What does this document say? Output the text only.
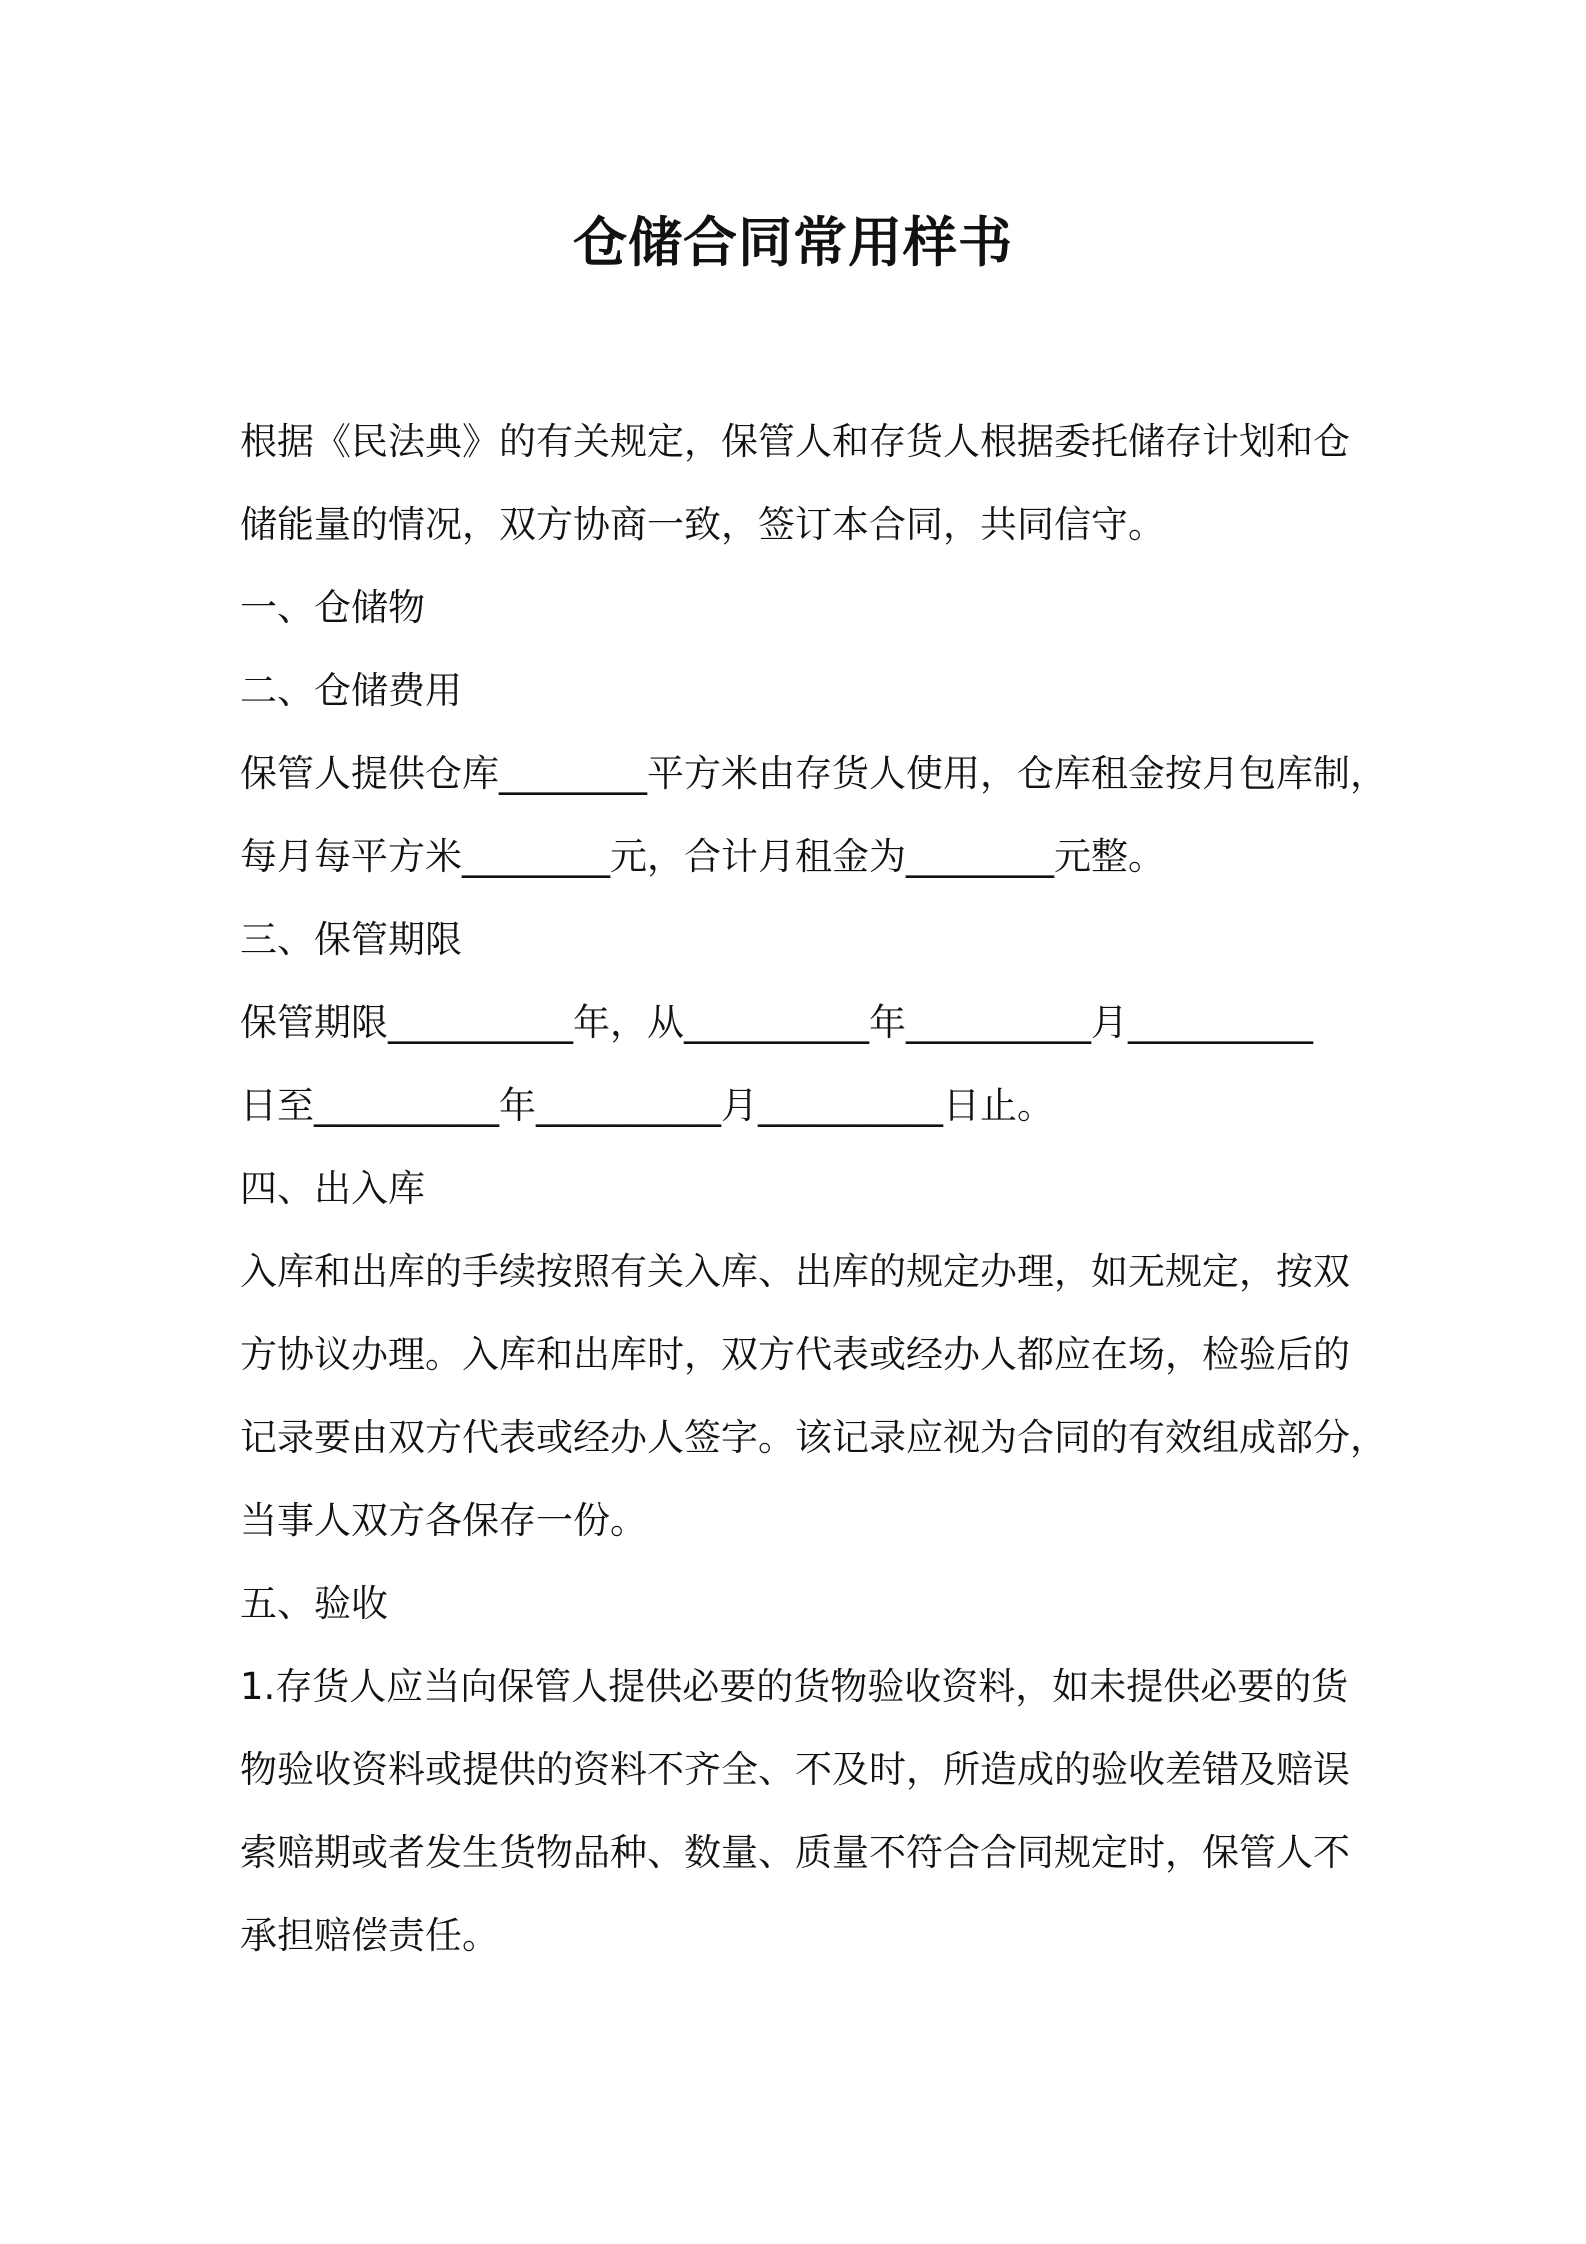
仓储合同常用样书
根据《民法典》的有关规定，保管人和存货人根据委托储存计划和仓
储能量的情况，双方协商一致，签订本合同，共同信守。
一、仓储物
二、仓储费用
保管人提供仓库________平方米由存货人使用，仓库租金按月包库制，
每月每平方米________元，合计月租金为________元整。
三、保管期限
保管期限__________年，从__________年__________月__________
日至__________年__________月__________日止。
四、出入库
入库和出库的手续按照有关入库、出库的规定办理，如无规定，按双
方协议办理。入库和出库时，双方代表或经办人都应在场，检验后的
记录要由双方代表或经办人签字。该记录应视为合同的有效组成部分，
当事人双方各保存一份。
五、验收
1.存货人应当向保管人提供必要的货物验收资料，如未提供必要的货
物验收资料或提供的资料不齐全、不及时，所造成的验收差错及赔误
索赔期或者发生货物品种、数量、质量不符合合同规定时，保管人不
承担赔偿责任。
